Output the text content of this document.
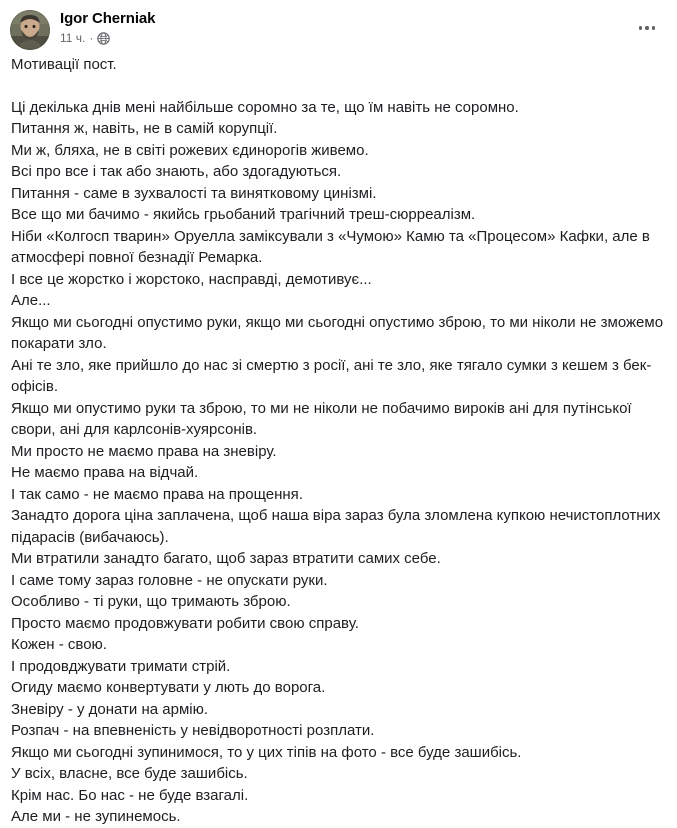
Igor Cherniak
11 ч. ·

Мотивації пост.

Ці декілька днів мені найбільше соромно за те, що їм навіть не соромно.

Питання ж, навіть, не в самій корупції.

Ми ж, бляха, не в світі рожевих єдинорогів живемо.

Всі про все і так або знають, або здогадуються.

Питання - саме в зухвалості та винятковому цинізмі.

Все що ми бачимо - якийсь грьобаний трагічний треш-сюрреалізм.

Ніби «Колгосп тварин» Оруелла заміксували з «Чумою» Камю та «Процесом» Кафки, але в атмосфері повної безнадії Ремарка.

І все це жорстко і жорстоко, насправді, демотивує...

Але...

Якщо ми сьогодні опустимо руки, якщо ми сьогодні опустимо зброю, то ми ніколи не зможемо покарати зло.

Ані те зло, яке прийшло до нас зі смертю з росії, ані те зло, яке тягало сумки з кешем з бек-офісів.

Якщо ми опустимо руки та зброю, то ми не ніколи не побачимо вироків ані для путінської свори, ані для карлсонів-хуярсонів.

Ми просто не маємо права на зневіру.

Не маємо права на відчай.

І так само - не маємо права на прощення.

Занадто дорога ціна заплачена, щоб наша віра зараз була зломлена купкою нечистоплотних підарасів (вибачаюсь).

Ми втратили занадто багато, щоб зараз втратити самих себе.

І саме тому зараз головне - не опускати руки.

Особливо - ті руки, що тримають зброю.

Просто маємо продовжувати робити свою справу.

Кожен - свою.

І продовджувати тримати стрій.

Огиду маємо конвертувати у лють до ворога.

Зневіру - у донати на армію.

Розпач - на впевненість у невідворотності розплати.

Якщо ми сьогодні зупинимося, то у цих тіпів на фото - все буде зашибісь.

У всіх, власне, все буде зашибісь.

Крім нас. Бо нас - не буде взагалі.

Але ми - не зупинемось.
